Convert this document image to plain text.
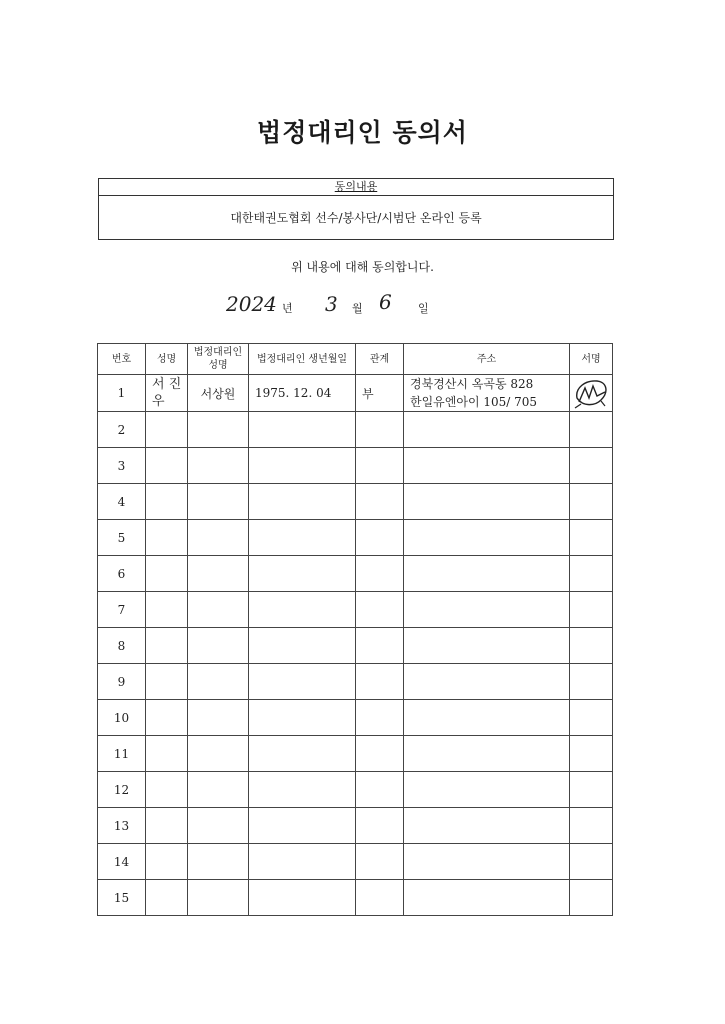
법정대리인 동의서
동의내용
대한태권도협회 선수/봉사단/시범단 온라인 등록
위 내용에 대해 동의합니다.
2024 년 3 월 6 일
번호	성명	법정대리인 성명	법정대리인 생년월일	관계	주소	서명
1	서 진 우	서상원	1975. 12. 04	부	경북경산시 옥곡동 828
한일유엔아이 105/ 705

2						
3						
4						
5						
6						
7						
8						
9						
10						
11						
12						
13						
14						
15						
